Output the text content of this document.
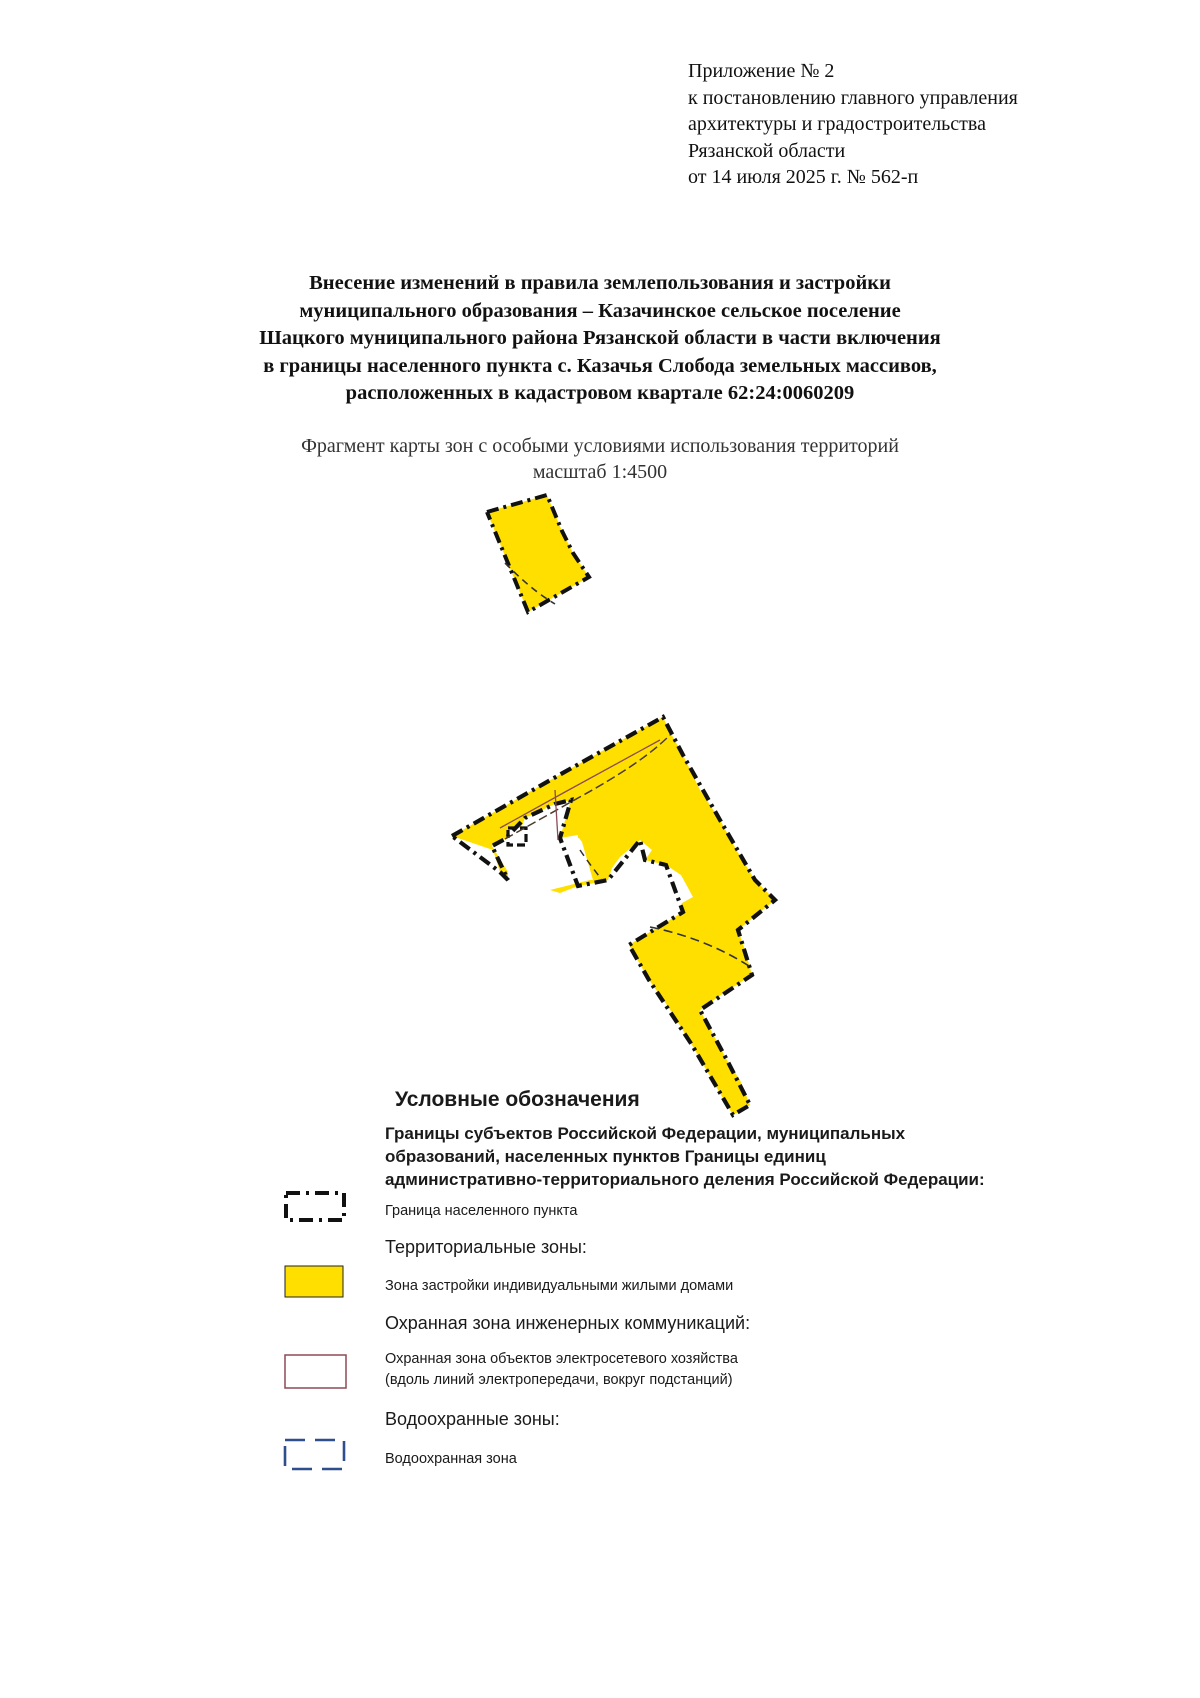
Приложение № 2
к постановлению главного управления
архитектуры и градостроительства
Рязанской области
от 14 июля 2025 г. № 562-п
Внесение изменений в правила землепользования и застройки
муниципального образования – Казачинское сельское поселение
Шацкого муниципального района Рязанской области в части включения
в границы населенного пункта с. Казачья Слобода земельных массивов,
расположенных в кадастровом квартале 62:24:0060209
Фрагмент карты зон с особыми условиями использования территорий
масштаб 1:4500
Условные обозначения
Границы субъектов Российской Федерации, муниципальных
образований, населенных пунктов Границы единиц
административно-территориального деления Российской Федерации:
Граница населенного пункта
Территориальные зоны:
Зона застройки индивидуальными жилыми домами
Охранная зона инженерных коммуникаций:
Охранная зона объектов электросетевого хозяйства
(вдоль линий электропередачи, вокруг подстанций)
Водоохранные зоны:
Водоохранная зона
